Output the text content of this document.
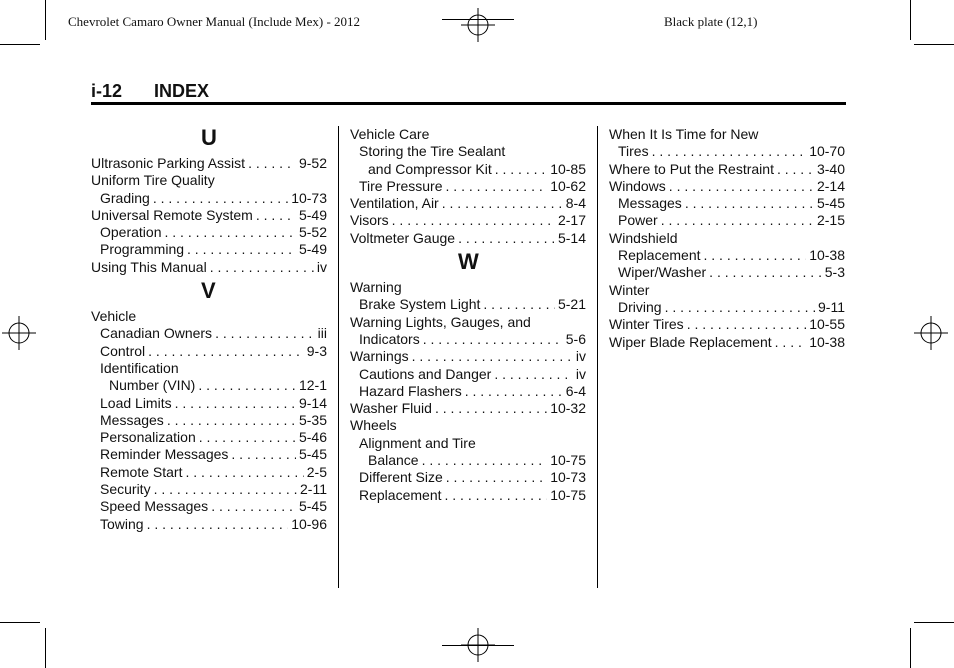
Chevrolet Camaro Owner Manual (Include Mex) - 2012	Black plate (12,1)
i-12 INDEX
U
Ultrasonic Parking Assist . . .	9-52
Uniform Tire Quality
Grading . . .	10-73
Universal Remote System . . .	5-49
Operation . . .	5-52
Programming . . .	5-49
Using This Manual . . .	iv
V
Vehicle
Canadian Owners . . .	iii
Control . . .	9-3
Identification
Number (VIN) . . .	12-1
Load Limits . . .	9-14
Messages . . .	5-35
Personalization . . .	5-46
Reminder Messages . . .	5-45
Remote Start . . .	2-5
Security . . .	2-11
Speed Messages . . .	5-45
Towing . . .	10-96
Vehicle Care
Storing the Tire Sealant
and Compressor Kit . . .	10-85
Tire Pressure . . .	10-62
Ventilation, Air . . .	8-4
Visors . . .	2-17
Voltmeter Gauge . . .	5-14
W
Warning
Brake System Light . . .	5-21
Warning Lights, Gauges, and
Indicators . . .	5-6
Warnings . . .	iv
Cautions and Danger . . .	iv
Hazard Flashers . . .	6-4
Washer Fluid . . .	10-32
Wheels
Alignment and Tire
Balance . . .	10-75
Different Size . . .	10-73
Replacement . . .	10-75
When It Is Time for New
Tires . . .	10-70
Where to Put the Restraint . . .	3-40
Windows . . .	2-14
Messages . . .	5-45
Power . . .	2-15
Windshield
Replacement . . .	10-38
Wiper/Washer . . .	5-3
Winter
Driving . . .	9-11
Winter Tires . . .	10-55
Wiper Blade Replacement . . .	10-38
